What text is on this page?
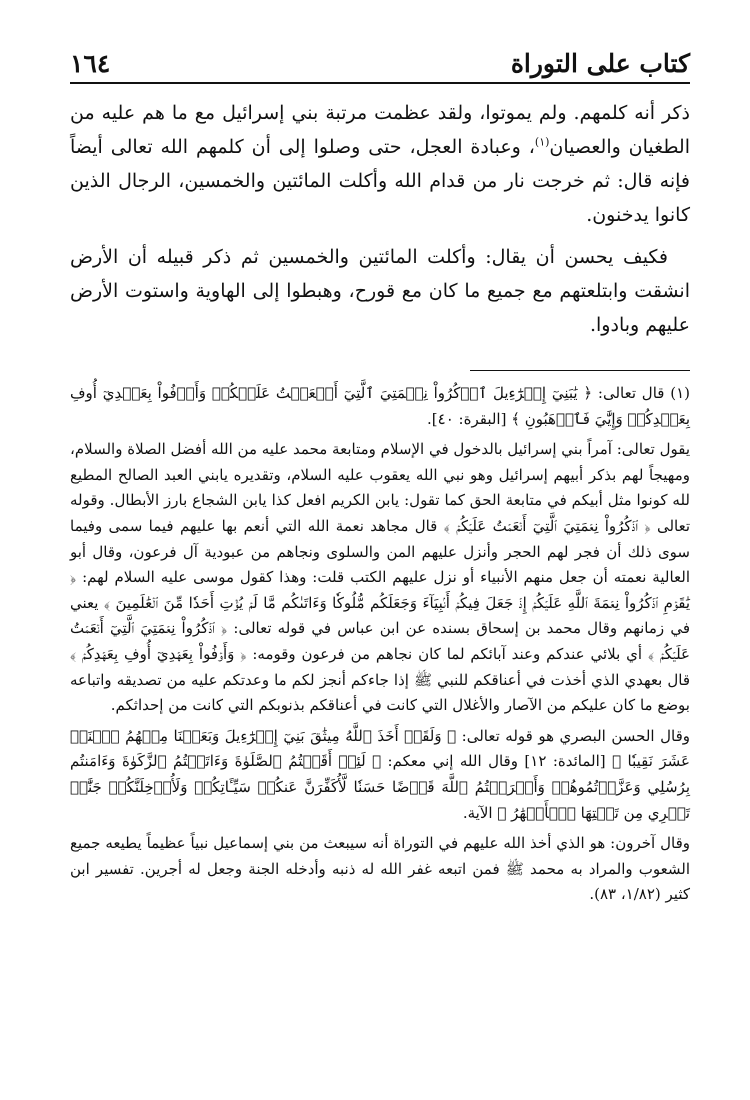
كتاب على التوراة
١٦٤

ذكر أنه كلمهم. ولم يموتوا، ولقد عظمت مرتبة بني إسرائيل مع ما هم عليه من الطغيان والعصيان$^{(١)}$، وعبادة العجل، حتى وصلوا إلى أن كلمهم الله تعالى أيضاً فإنه قال: ثم خرجت نار من قدام الله وأكلت المائتين والخمسين، الرجال الذين كانوا يدخنون.

فكيف يحسن أن يقال: وأكلت المائتين والخمسين ثم ذكر قبيله أن الأرض انشقت وابتلعتهم مع جميع ما كان مع قورح، وهبطوا إلى الهاوية واستوت الأرض عليهم وبادوا.

(١) قال تعالى: ﴿ يَٰبَنِيٓ إِسۡرَٰٓءِيلَ ٱذۡكُرُواْ نِعۡمَتِيَ ٱلَّتِيٓ أَنۡعَمۡتُ عَلَيۡكُمۡ وَأَوۡفُواْ بِعَهۡدِيٓ أُوفِ بِعَهۡدِكُمۡ وَإِيَّٰيَ فَٱرۡهَبُونِ ﴾ [البقرة: ٤٠].

يقول تعالى: آمراً بني إسرائيل بالدخول في الإسلام ومتابعة محمد عليه من الله أفضل الصلاة والسلام، ومهيجاً لهم بذكر أبيهم إسرائيل وهو نبي الله يعقوب عليه السلام، وتقديره يابني العبد الصالح المطيع لله كونوا مثل أبيكم في متابعة الحق كما تقول: يابن الكريم افعل كذا يابن الشجاع بارز الأبطال. وقوله تعالى ﴿ ٱذۡكُرُواْ نِعۡمَتِيَ ٱلَّتِيٓ أَنۡعَمۡتُ عَلَيۡكُمۡ ﴾ قال مجاهد نعمة الله التي أنعم بها عليهم فيما سمى وفيما سوى ذلك أن فجر لهم الحجر وأنزل عليهم المن والسلوى ونجاهم من عبودية آل فرعون، وقال أبو العالية نعمته أن جعل منهم الأنبياء أو نزل عليهم الكتب قلت: وهذا كقول موسى عليه السلام لهم: ﴿ يَٰقَوۡمِ ٱذۡكُرُواْ نِعۡمَةَ ٱللَّهِ عَلَيۡكُمۡ إِذۡ جَعَلَ فِيكُمۡ أَنۢبِيَآءَ وَجَعَلَكُم مُّلُوكٗا وَءَاتَىٰكُم مَّا لَمۡ يُؤۡتِ أَحَدٗا مِّنَ ٱلۡعَٰلَمِينَ ﴾ يعني في زمانهم وقال محمد بن إسحاق بسنده عن ابن عباس في قوله تعالى: ﴿ ٱذۡكُرُواْ نِعۡمَتِيَ ٱلَّتِيٓ أَنۡعَمۡتُ عَلَيۡكُمۡ ﴾ أي بلائي عندكم وعند آبائكم لما كان نجاهم من فرعون وقومه: ﴿ وَأَوۡفُواْ بِعَهۡدِيٓ أُوفِ بِعَهۡدِكُمۡ ﴾ قال بعهدي الذي أخذت في أعناقكم للنبي ﷺ إذا جاءكم أنجز لكم ما وعدتكم عليه من تصديقه واتباعه بوضع ما كان عليكم من الآصار والأغلال التي كانت في أعناقكم بذنوبكم التي كانت من إحداثكم.

وقال الحسن البصري هو قوله تعالى: ﴿ وَلَقَدۡ أَخَذَ ٱللَّهُ مِيثَٰقَ بَنِيٓ إِسۡرَٰٓءِيلَ وَبَعَثۡنَا مِنۡهُمُ ٱثۡنَيۡ عَشَرَ نَقِيبٗا ﴾ [المائدة: ١٢] وقال الله إني معكم: ﴿ لَئِنۡ أَقَمۡتُمُ ٱلصَّلَوٰةَ وَءَاتَيۡتُمُ ٱلزَّكَوٰةَ وَءَامَنتُم بِرُسُلِي وَعَزَّرۡتُمُوهُمۡ وَأَقۡرَضۡتُمُ ٱللَّهَ قَرۡضًا حَسَنٗا لَّأُكَفِّرَنَّ عَنكُمۡ سَيِّـَٔاتِكُمۡ وَلَأُدۡخِلَنَّكُمۡ جَنَّٰتٖ تَجۡرِي مِن تَحۡتِهَا ٱلۡأَنۡهَٰرُ ﴾ الآية.

وقال آخرون: هو الذي أخذ الله عليهم في التوراة أنه سيبعث من بني إسماعيل نبياً عظيماً يطيعه جميع الشعوب والمراد به محمد ﷺ فمن اتبعه غفر الله له ذنبه وأدخله الجنة وجعل له أجرين. تفسير ابن كثير (١/٨٢، ٨٣).
